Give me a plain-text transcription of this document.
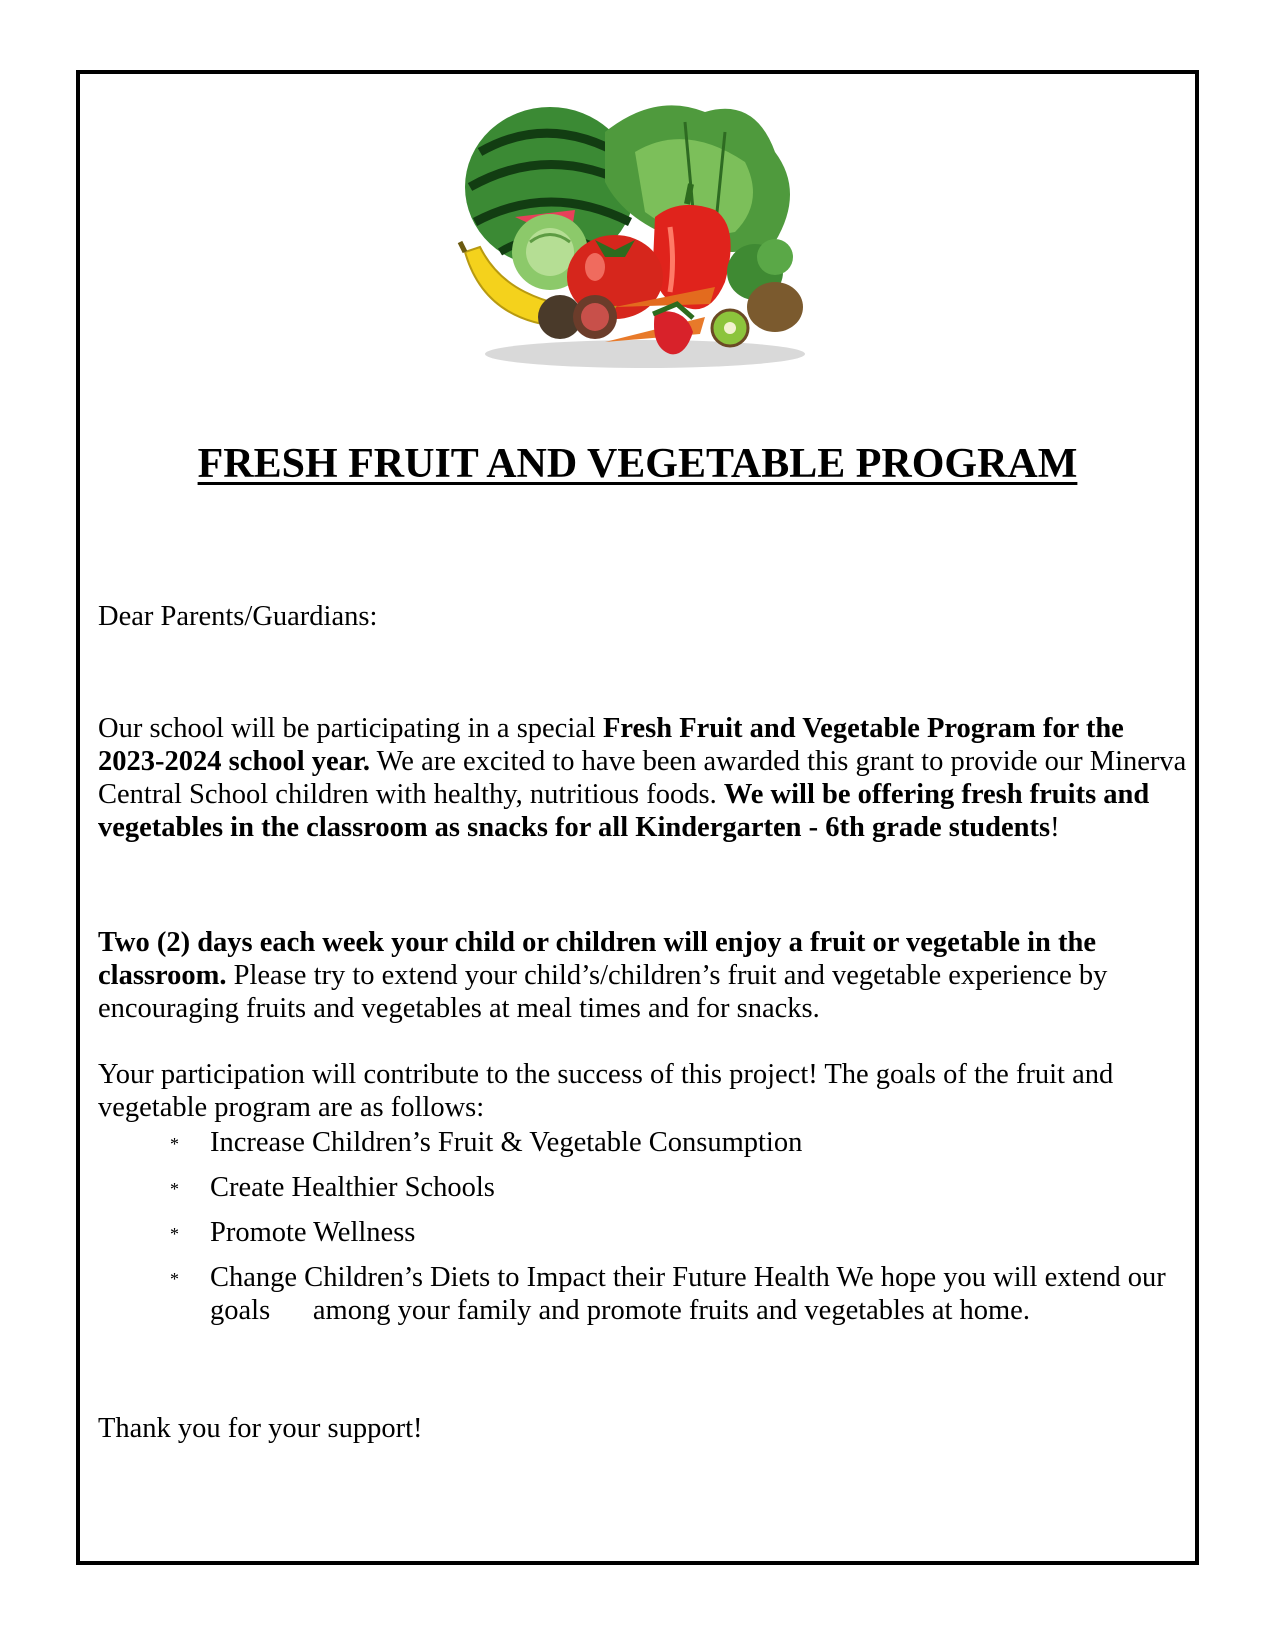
FRESH FRUIT AND VEGETABLE PROGRAM
Dear Parents/Guardians:
Our school will be participating in a special Fresh Fruit and Vegetable Program for the 2023-2024 school year. We are excited to have been awarded this grant to provide our Minerva Central School children with healthy, nutritious foods. We will be offering fresh fruits and vegetables in the classroom as snacks for all Kindergarten - 6th grade students!
Two (2) days each week your child or children will enjoy a fruit or vegetable in the classroom. Please try to extend your child’s/children’s fruit and vegetable experience by encouraging fruits and vegetables at meal times and for snacks.
Your participation will contribute to the success of this project! The goals of the fruit and vegetable program are as follows:
* Increase Children’s Fruit & Vegetable Consumption
* Create Healthier Schools
* Promote Wellness
* Change Children’s Diets to Impact their Future Health We hope you will extend our goals      among your family and promote fruits and vegetables at home.
Thank you for your support!
